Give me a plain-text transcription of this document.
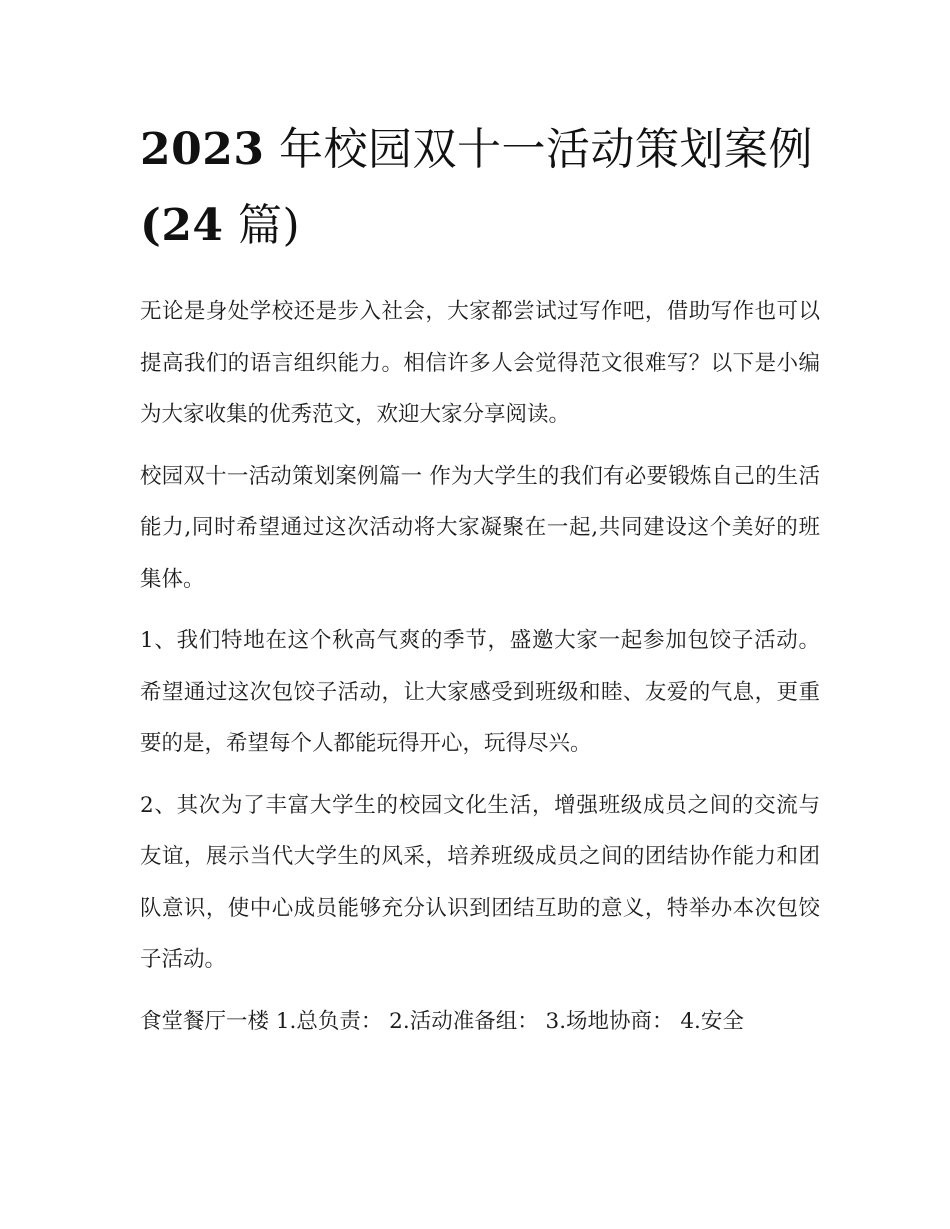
2023 年校园双十一活动策划案例(24 篇)

无论是身处学校还是步入社会，大家都尝试过写作吧，借助写作也可以提高我们的语言组织能力。相信许多人会觉得范文很难写？以下是小编为大家收集的优秀范文，欢迎大家分享阅读。

校园双十一活动策划案例篇一 作为大学生的我们有必要锻炼自己的生活能力,同时希望通过这次活动将大家凝聚在一起,共同建设这个美好的班集体。

1、我们特地在这个秋高气爽的季节，盛邀大家一起参加包饺子活动。希望通过这次包饺子活动，让大家感受到班级和睦、友爱的气息，更重要的是，希望每个人都能玩得开心，玩得尽兴。

2、其次为了丰富大学生的校园文化生活，增强班级成员之间的交流与友谊，展示当代大学生的风采，培养班级成员之间的团结协作能力和团队意识，使中心成员能够充分认识到团结互助的意义，特举办本次包饺子活动。

食堂餐厅一楼 1.总负责： 2.活动准备组： 3.场地协商： 4.安全
